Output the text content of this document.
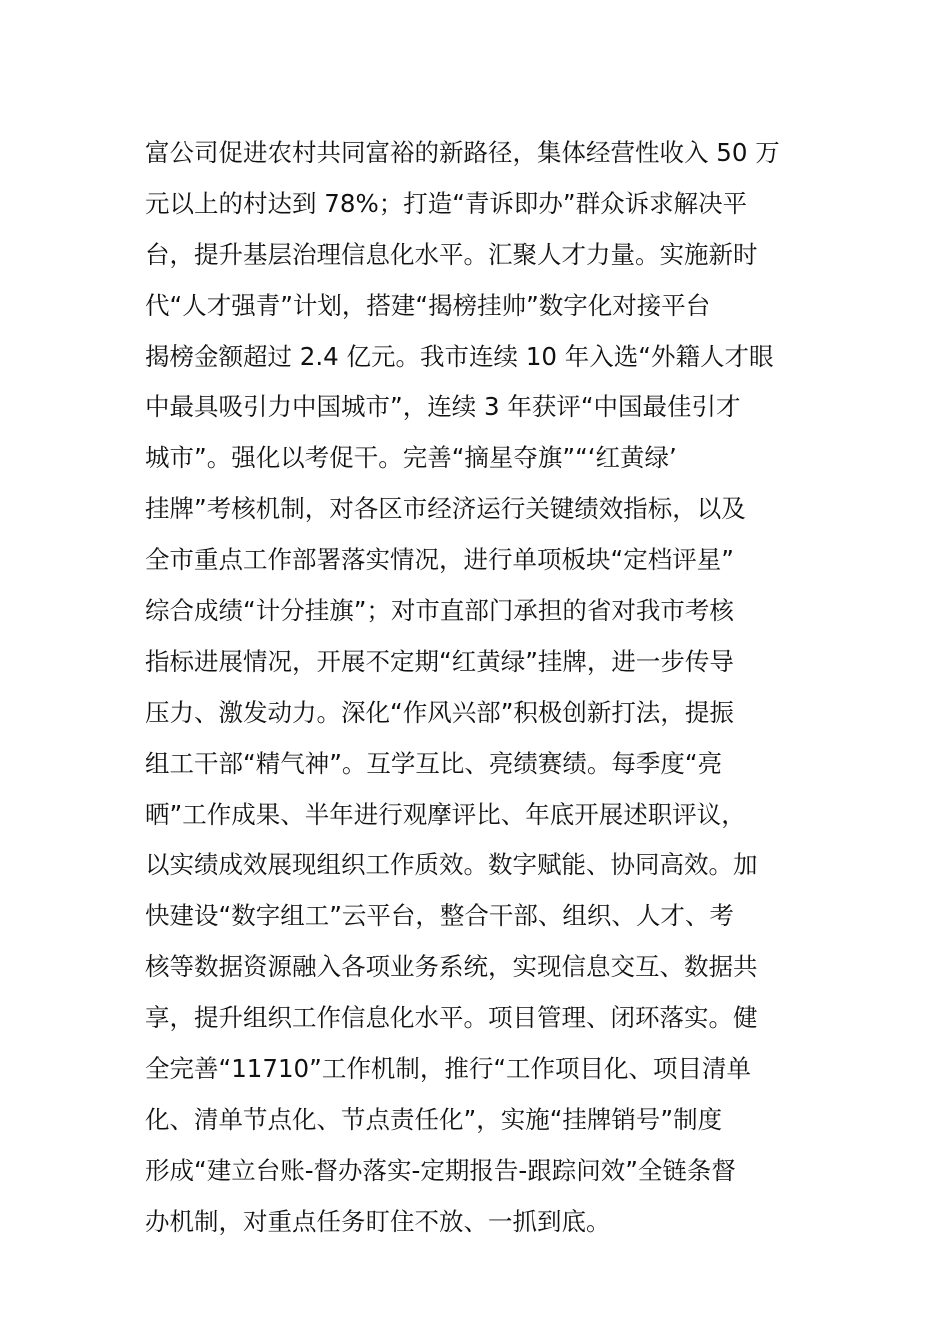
富公司促进农村共同富裕的新路径，集体经营性收入 50 万
元以上的村达到 78%；打造“青诉即办”群众诉求解决平
台，提升基层治理信息化水平。汇聚人才力量。实施新时
代“人才强青”计划，搭建“揭榜挂帅”数字化对接平台
揭榜金额超过 2.4 亿元。我市连续 10 年入选“外籍人才眼
中最具吸引力中国城市”，连续 3 年获评“中国最佳引才
城市”。强化以考促干。完善“摘星夺旗”“‘红黄绿’
挂牌”考核机制，对各区市经济运行关键绩效指标，以及
全市重点工作部署落实情况，进行单项板块“定档评星”
综合成绩“计分挂旗”；对市直部门承担的省对我市考核
指标进展情况，开展不定期“红黄绿”挂牌，进一步传导
压力、激发动力。深化“作风兴部”积极创新打法，提振
组工干部“精气神”。互学互比、亮绩赛绩。每季度“亮
晒”工作成果、半年进行观摩评比、年底开展述职评议，
以实绩成效展现组织工作质效。数字赋能、协同高效。加
快建设“数字组工”云平台，整合干部、组织、人才、考
核等数据资源融入各项业务系统，实现信息交互、数据共
享，提升组织工作信息化水平。项目管理、闭环落实。健
全完善“11710”工作机制，推行“工作项目化、项目清单
化、清单节点化、节点责任化”，实施“挂牌销号”制度
形成“建立台账-督办落实-定期报告-跟踪问效”全链条督
办机制，对重点任务盯住不放、一抓到底。
